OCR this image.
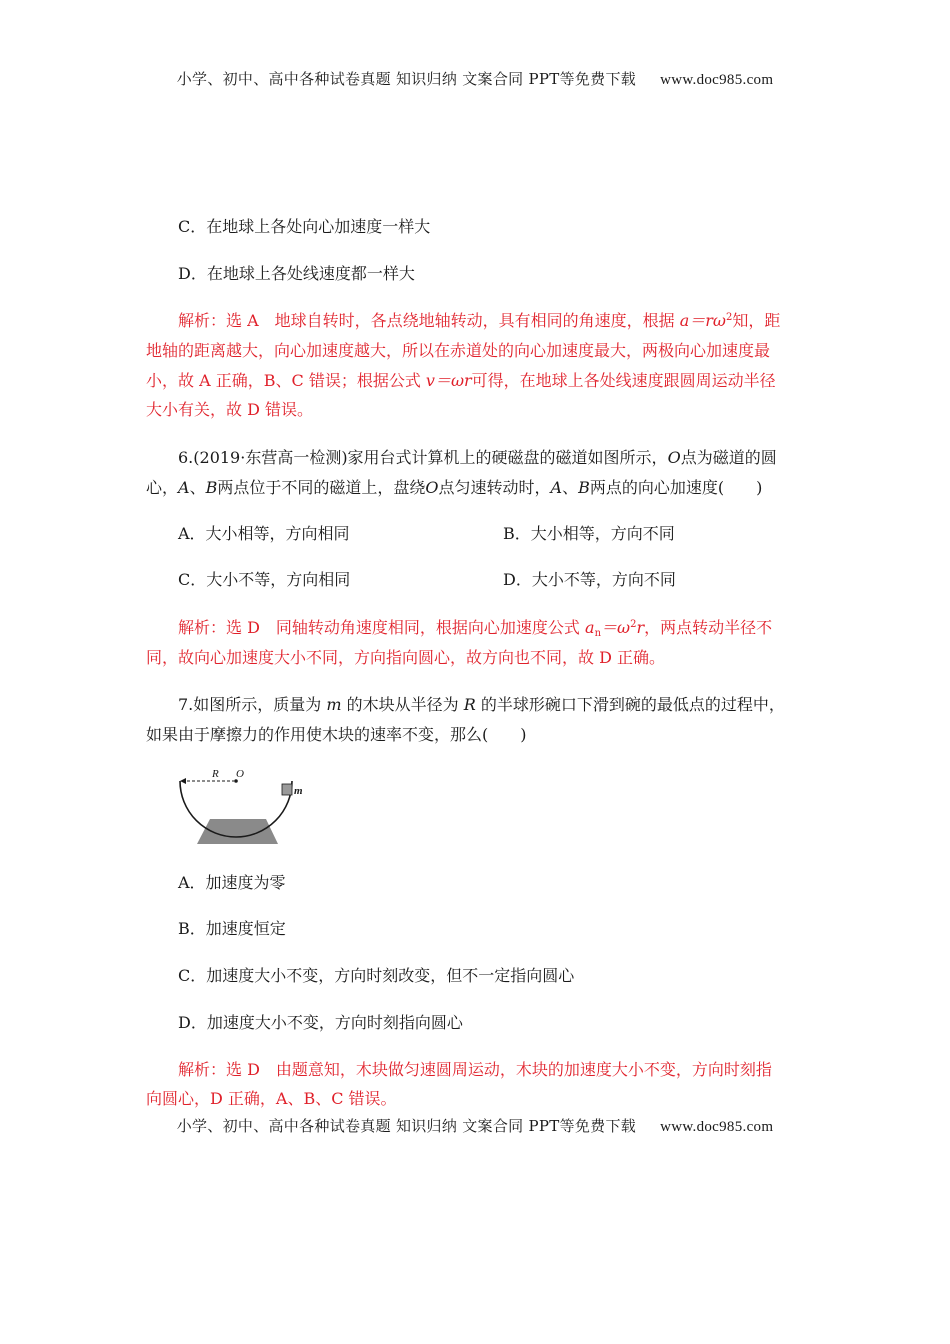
小学、初中、高中各种试卷真题 知识归纳 文案合同 PPT等免费下载 www.doc985.com
C．在地球上各处向心加速度一样大
D．在地球上各处线速度都一样大
解析：选 A　地球自转时，各点绕地轴转动，具有相同的角速度，根据 $a=r\omega^2$知，距
地轴的距离越大，向心加速度越大，所以在赤道处的向心加速度最大，两极向心加速度最
小，故 A 正确，B、C 错误；根据公式 v＝ωr可得，在地球上各处线速度跟圆周运动半径
大小有关，故 D 错误。
6.(2019·东营高一检测)家用台式计算机上的硬磁盘的磁道如图所示，O点为磁道的圆
心，A、B两点位于不同的磁道上，盘绕O点匀速转动时，A、B两点的向心加速度(　　)
A．大小相等，方向相同	B．大小相等，方向不同
C．大小不等，方向相同	D．大小不等，方向不同
解析：选 D　同轴转动角速度相同，根据向心加速度公式 $a_n=\omega^2r$，两点转动半径不
同，故向心加速度大小不同，方向指向圆心，故方向也不同，故 D 正确。
7.如图所示，质量为 m 的木块从半径为 R 的半球形碗口下滑到碗的最低点的过程中，
如果由于摩擦力的作用使木块的速率不变，那么(　　)
R O
m
A．加速度为零
B．加速度恒定
C．加速度大小不变，方向时刻改变，但不一定指向圆心
D．加速度大小不变，方向时刻指向圆心
解析：选 D　由题意知，木块做匀速圆周运动，木块的加速度大小不变，方向时刻指
向圆心，D 正确，A、B、C 错误。
小学、初中、高中各种试卷真题 知识归纳 文案合同 PPT等免费下载 www.doc985.com
